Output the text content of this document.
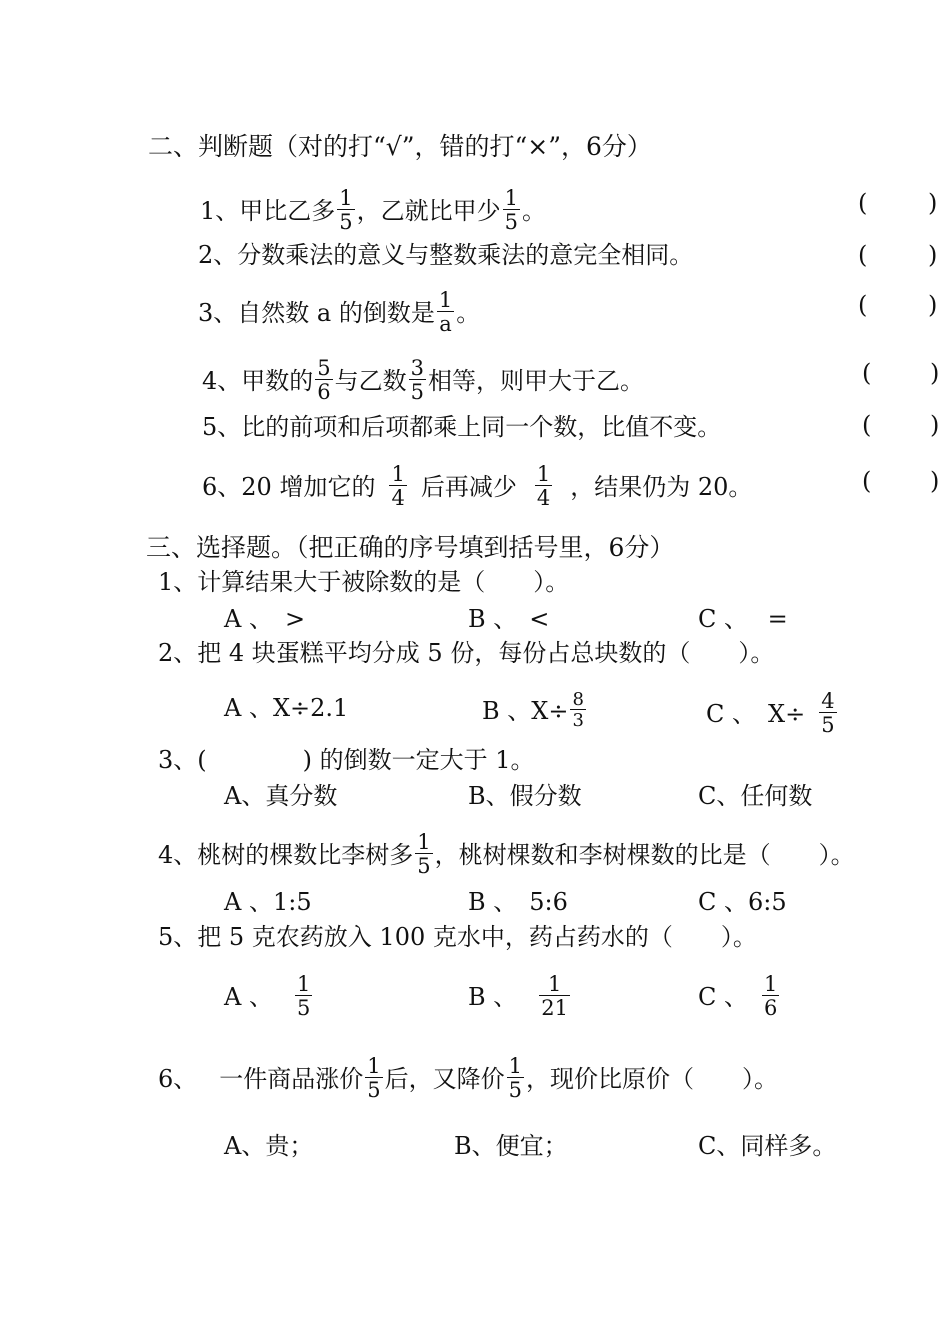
二、判断题（对的打“√”，错的打“×”，6分）
1、甲比乙多 $\frac{1}{5}$ ，乙就比甲少 $\frac{1}{5}$ 。	(	)
2、分数乘法的意义与整数乘法的意完全相同。	(	)
3、自然数 a 的倒数是 $\frac{1}{a}$ 。	(	)
4、甲数的 $\frac{5}{6}$ 与乙数 $\frac{3}{5}$ 相等，则甲大于乙。	( )
5、比的前项和后项都乘上同一个数，比值不变。	( )
6、20 增加它的 $\frac{1}{4}$ 后再减少 $\frac{1}{4}$ ，结果仍为 20。	( )
三、选择题。（把正确的序号填到括号里，6分）
1、计算结果大于被除数的是（　　）。
A 、　>	B 、　<	C 、　 =
2、把 4 块蛋糕平均分成 5 份，每份占总块数的（　　）。
A 、X÷2.1	B 、$X\div \frac{8}{3}$	C 、　$X\div \frac{4}{5}$
3、(　　　　) 的倒数一定大于 1。
A、真分数	B、假分数	C、任何数
4、桃树的棵数比李树多 $\frac{1}{5}$ ，桃树棵数和李树棵数的比是（　　）。
A 、1:5	B 、　5:6	C 、6:5
5、把 5 克农药放入 100 克水中，药占药水的（　　）。
A 、 $\frac{1}{5}$	B 、 $\frac{1}{21}$	C 、 $\frac{1}{6}$
6、 一件商品涨价 $\frac{1}{5}$ 后，又降价 $\frac{1}{5}$ ，现价比原价（　　）。
A、贵；	B、便宜；	C、同样多。
